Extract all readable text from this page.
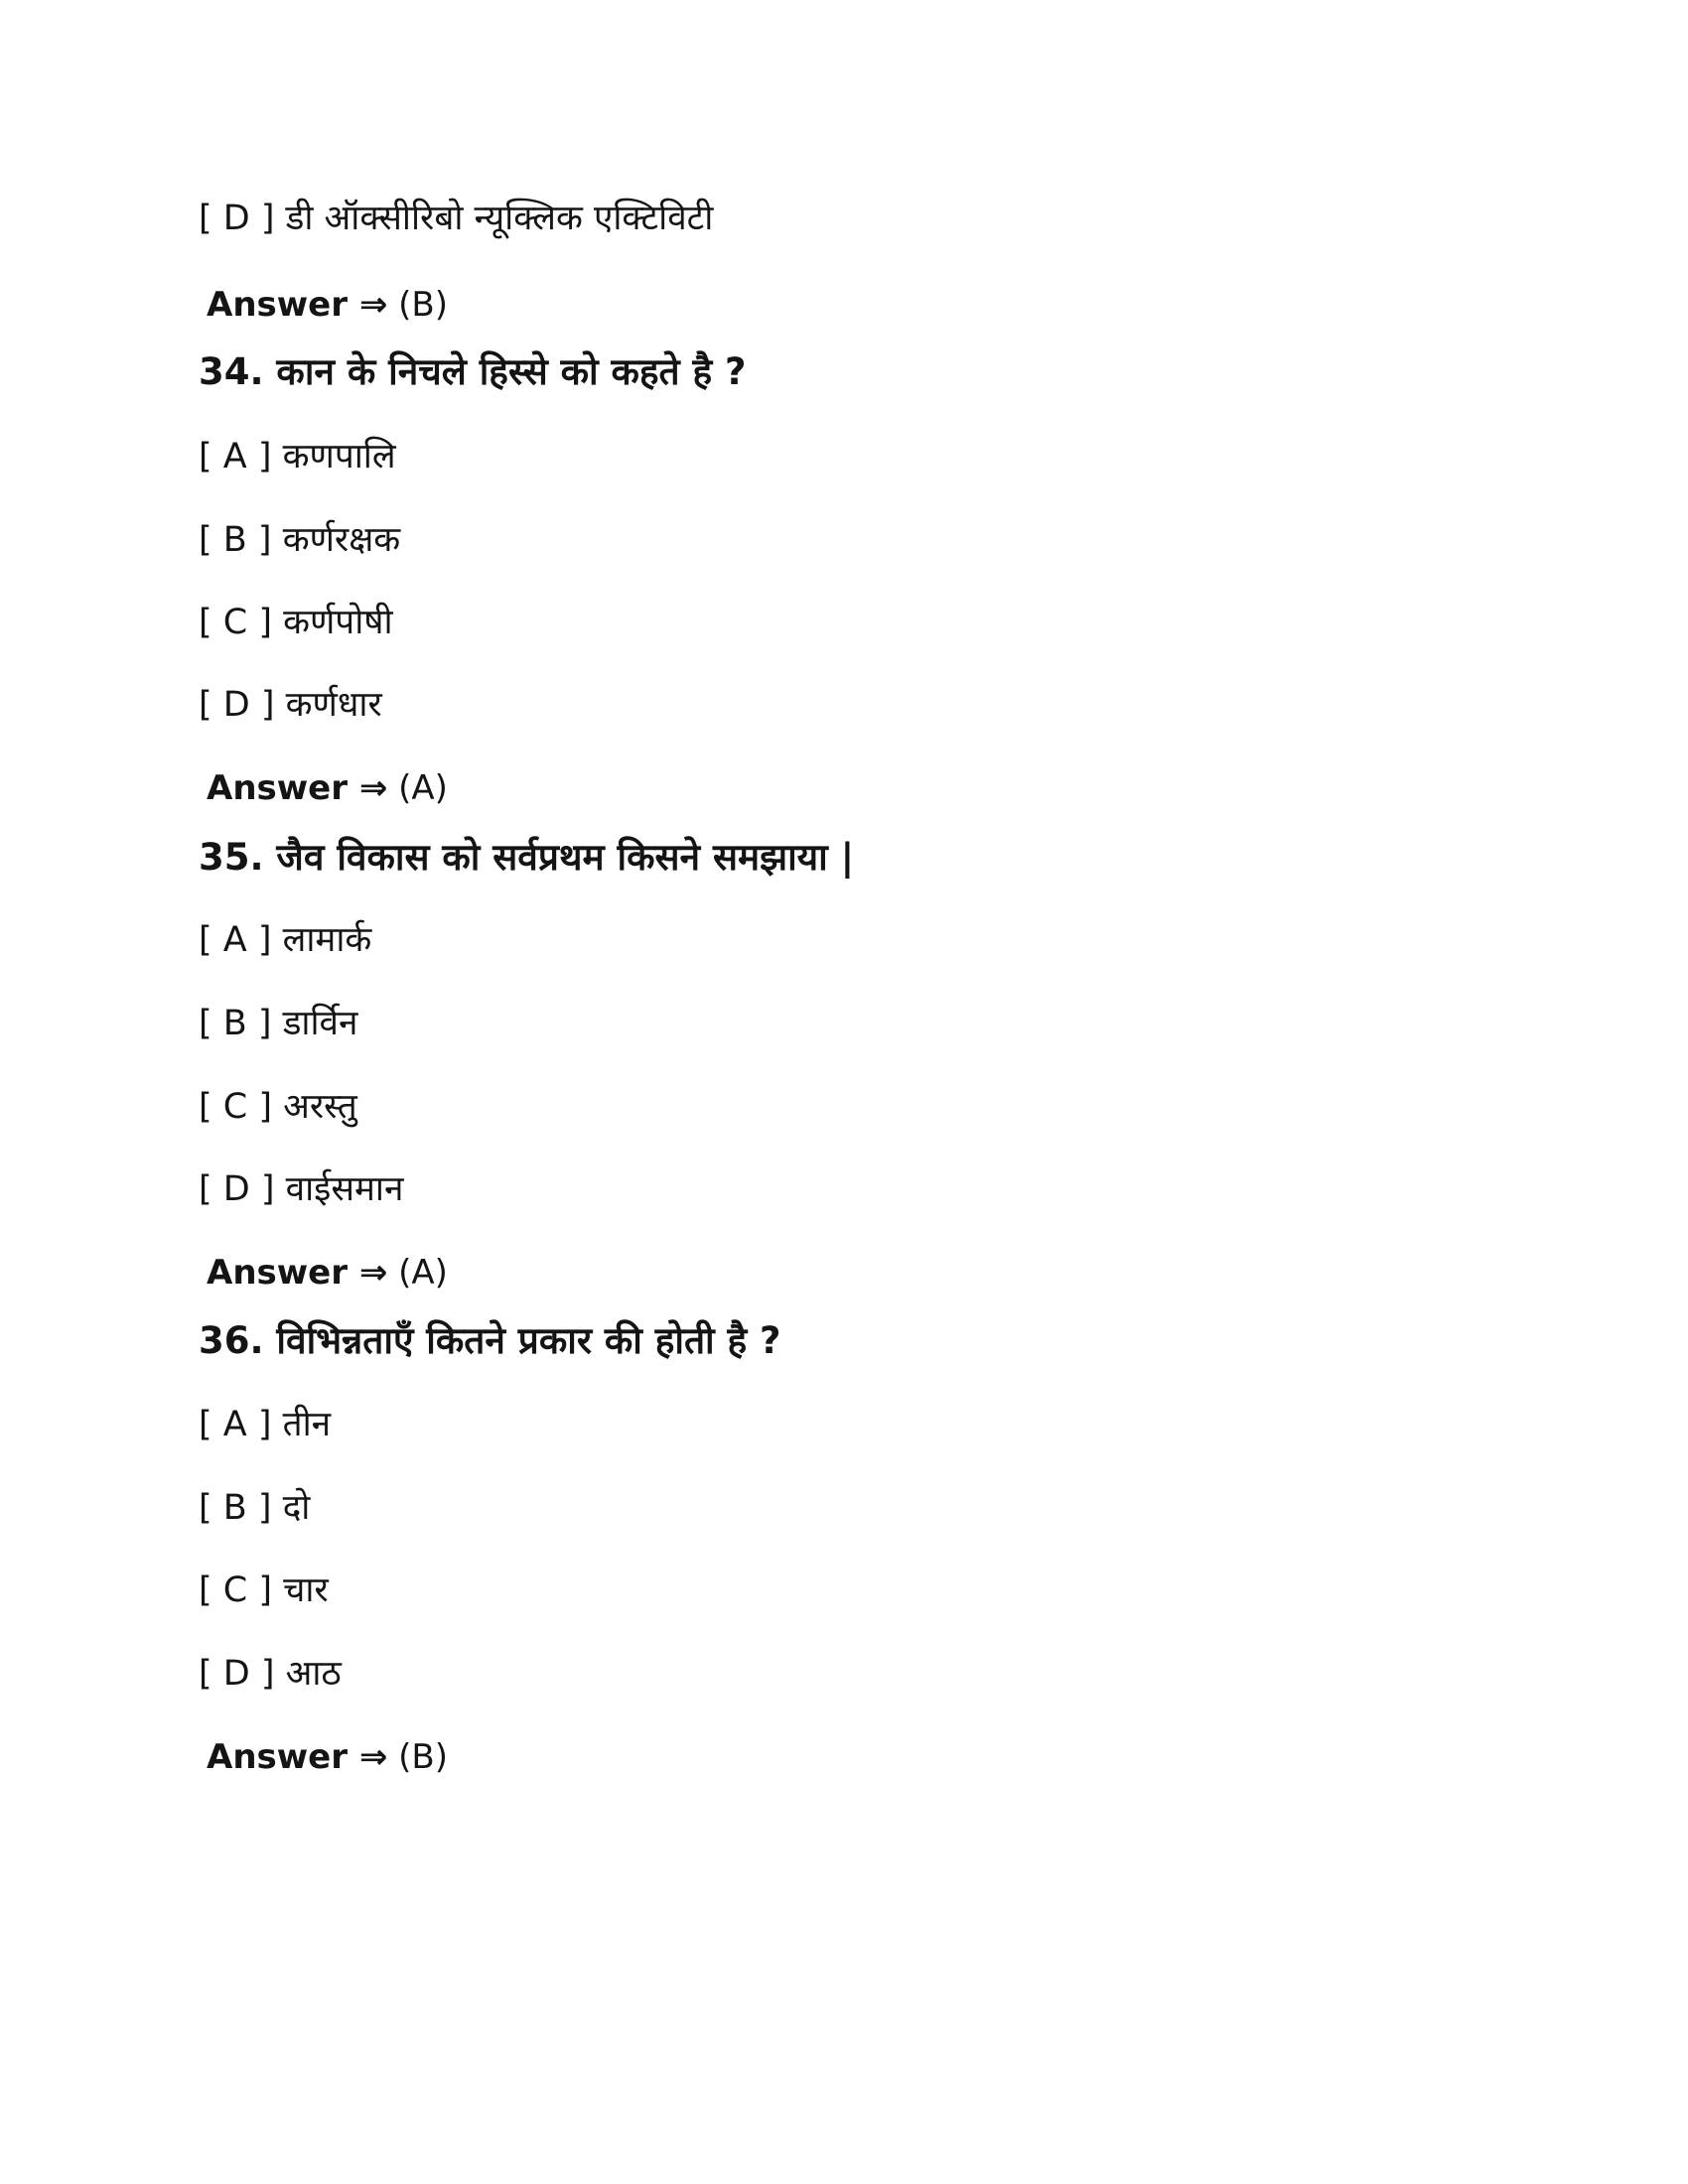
[ D ] डी ऑक्सीरिबो न्यूक्लिक एक्टिविटी
Answer ⇒ (B)
34. कान के निचले हिस्से को कहते है ?
[ A ] कणपालि
[ B ] कर्णरक्षक
[ C ] कर्णपोषी
[ D ] कर्णधार
Answer ⇒ (A)
35. जैव विकास को सर्वप्रथम किसने समझाया |
[ A ] लामार्क
[ B ] डार्विन
[ C ] अरस्तु
[ D ] वाईसमान
Answer ⇒ (A)
36. विभिन्नताएँ कितने प्रकार की होती है ?
[ A ] तीन
[ B ] दो
[ C ] चार
[ D ] आठ
Answer ⇒ (B)
